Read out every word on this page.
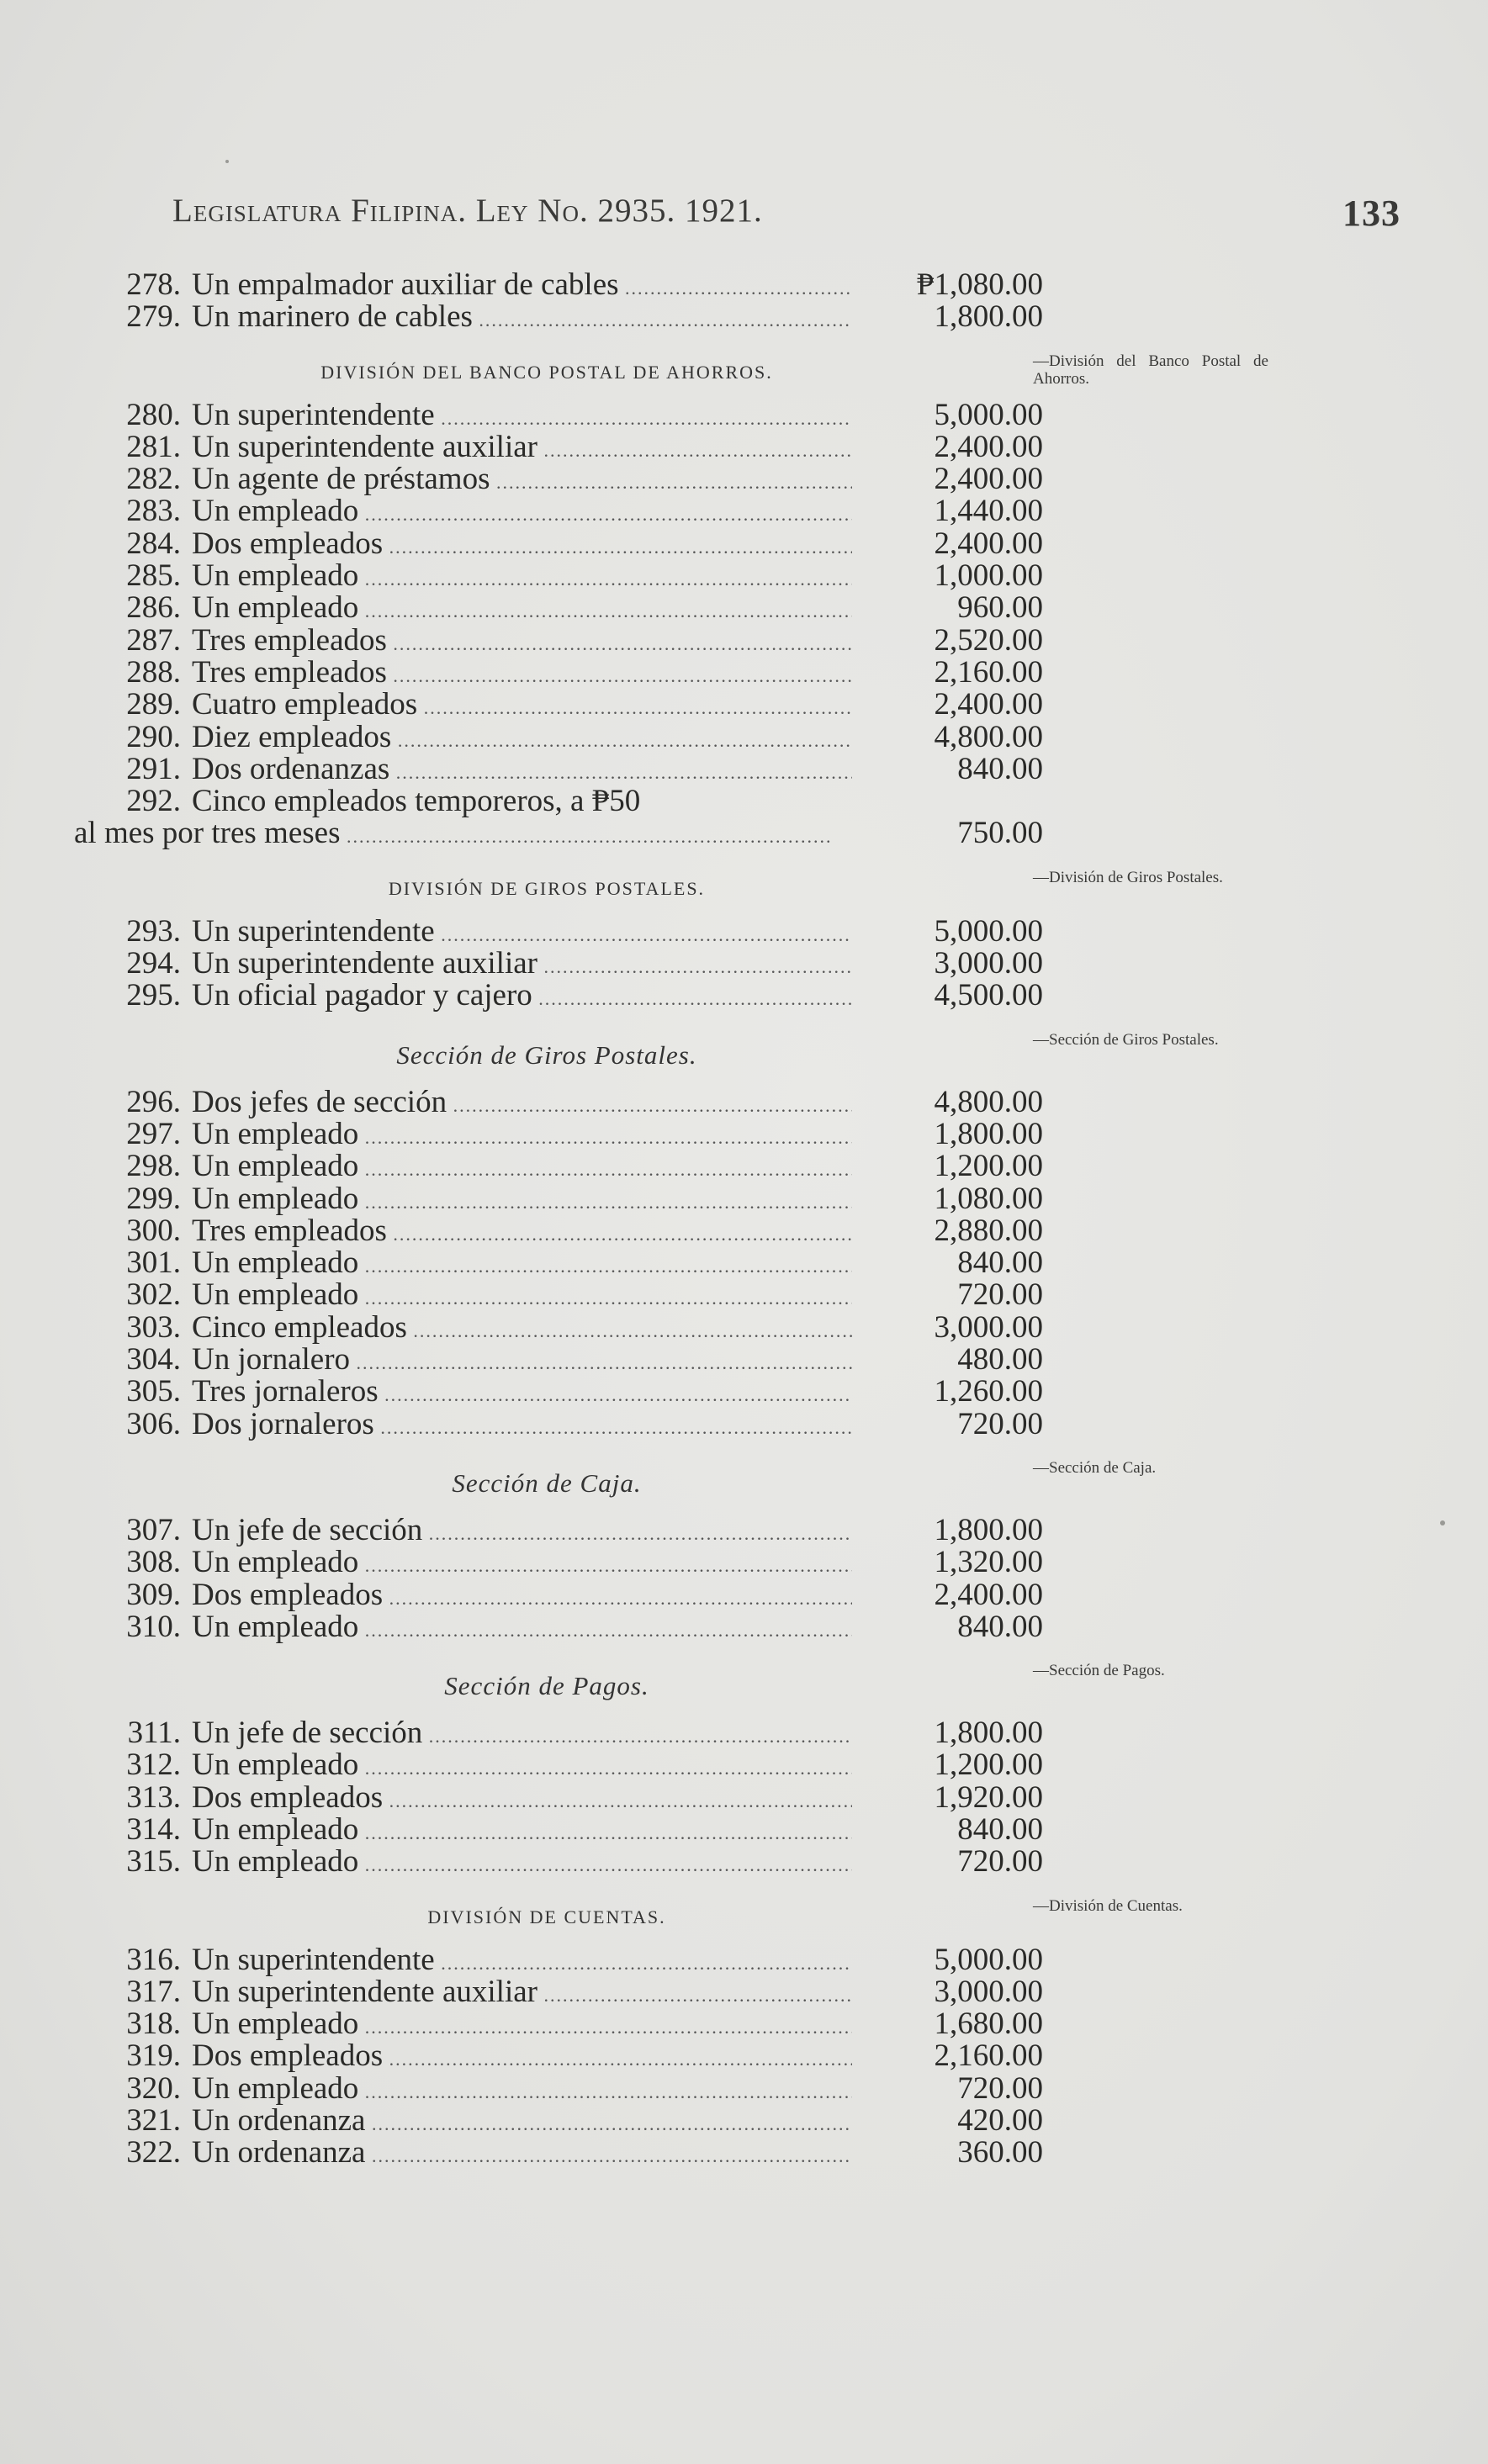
Legislatura Filipina. Ley No. 2935. 1921.	133
278. Un empalmador auxiliar de cables .....	₱1,080.00
279. Un marinero de cables .....	1,800.00
DIVISIÓN DEL BANCO POSTAL DE AHORROS.
280. Un superintendente .....	5,000.00
281. Un superintendente auxiliar .....	2,400.00
282. Un agente de préstamos .....	2,400.00
283. Un empleado .....	1,440.00
284. Dos empleados .....	2,400.00
285. Un empleado .....	1,000.00
286. Un empleado .....	960.00
287. Tres empleados .....	2,520.00
288. Tres empleados .....	2,160.00
289. Cuatro empleados .....	2,400.00
290. Diez empleados .....	4,800.00
291. Dos ordenanzas .....	840.00
292. Cinco empleados temporeros, a ₱50
al mes por tres meses .....	750.00
DIVISIÓN DE GIROS POSTALES.
293. Un superintendente .....	5,000.00
294. Un superintendente auxiliar .....	3,000.00
295. Un oficial pagador y cajero .....	4,500.00
Sección de Giros Postales.
296. Dos jefes de sección .....	4,800.00
297. Un empleado .....	1,800.00
298. Un empleado .....	1,200.00
299. Un empleado .....	1,080.00
300. Tres empleados .....	2,880.00
301. Un empleado .....	840.00
302. Un empleado .....	720.00
303. Cinco empleados .....	3,000.00
304. Un jornalero .....	480.00
305. Tres jornaleros .....	1,260.00
306. Dos jornaleros .....	720.00
Sección de Caja.
307. Un jefe de sección .....	1,800.00
308. Un empleado .....	1,320.00
309. Dos empleados .....	2,400.00
310. Un empleado .....	840.00
Sección de Pagos.
311. Un jefe de sección .....	1,800.00
312. Un empleado .....	1,200.00
313. Dos empleados .....	1,920.00
314. Un empleado .....	840.00
315. Un empleado .....	720.00
DIVISIÓN DE CUENTAS.
316. Un superintendente .....	5,000.00
317. Un superintendente auxiliar .....	3,000.00
318. Un empleado .....	1,680.00
319. Dos empleados .....	2,160.00
320. Un empleado .....	720.00
321. Un ordenanza .....	420.00
322. Un ordenanza .....	360.00
—División del Banco Postal de Ahorros.
—División de Giros Postales.
—Sección de Giros Postales.
—Sección de Caja.
—Sección de Pagos.
—División de Cuentas.
